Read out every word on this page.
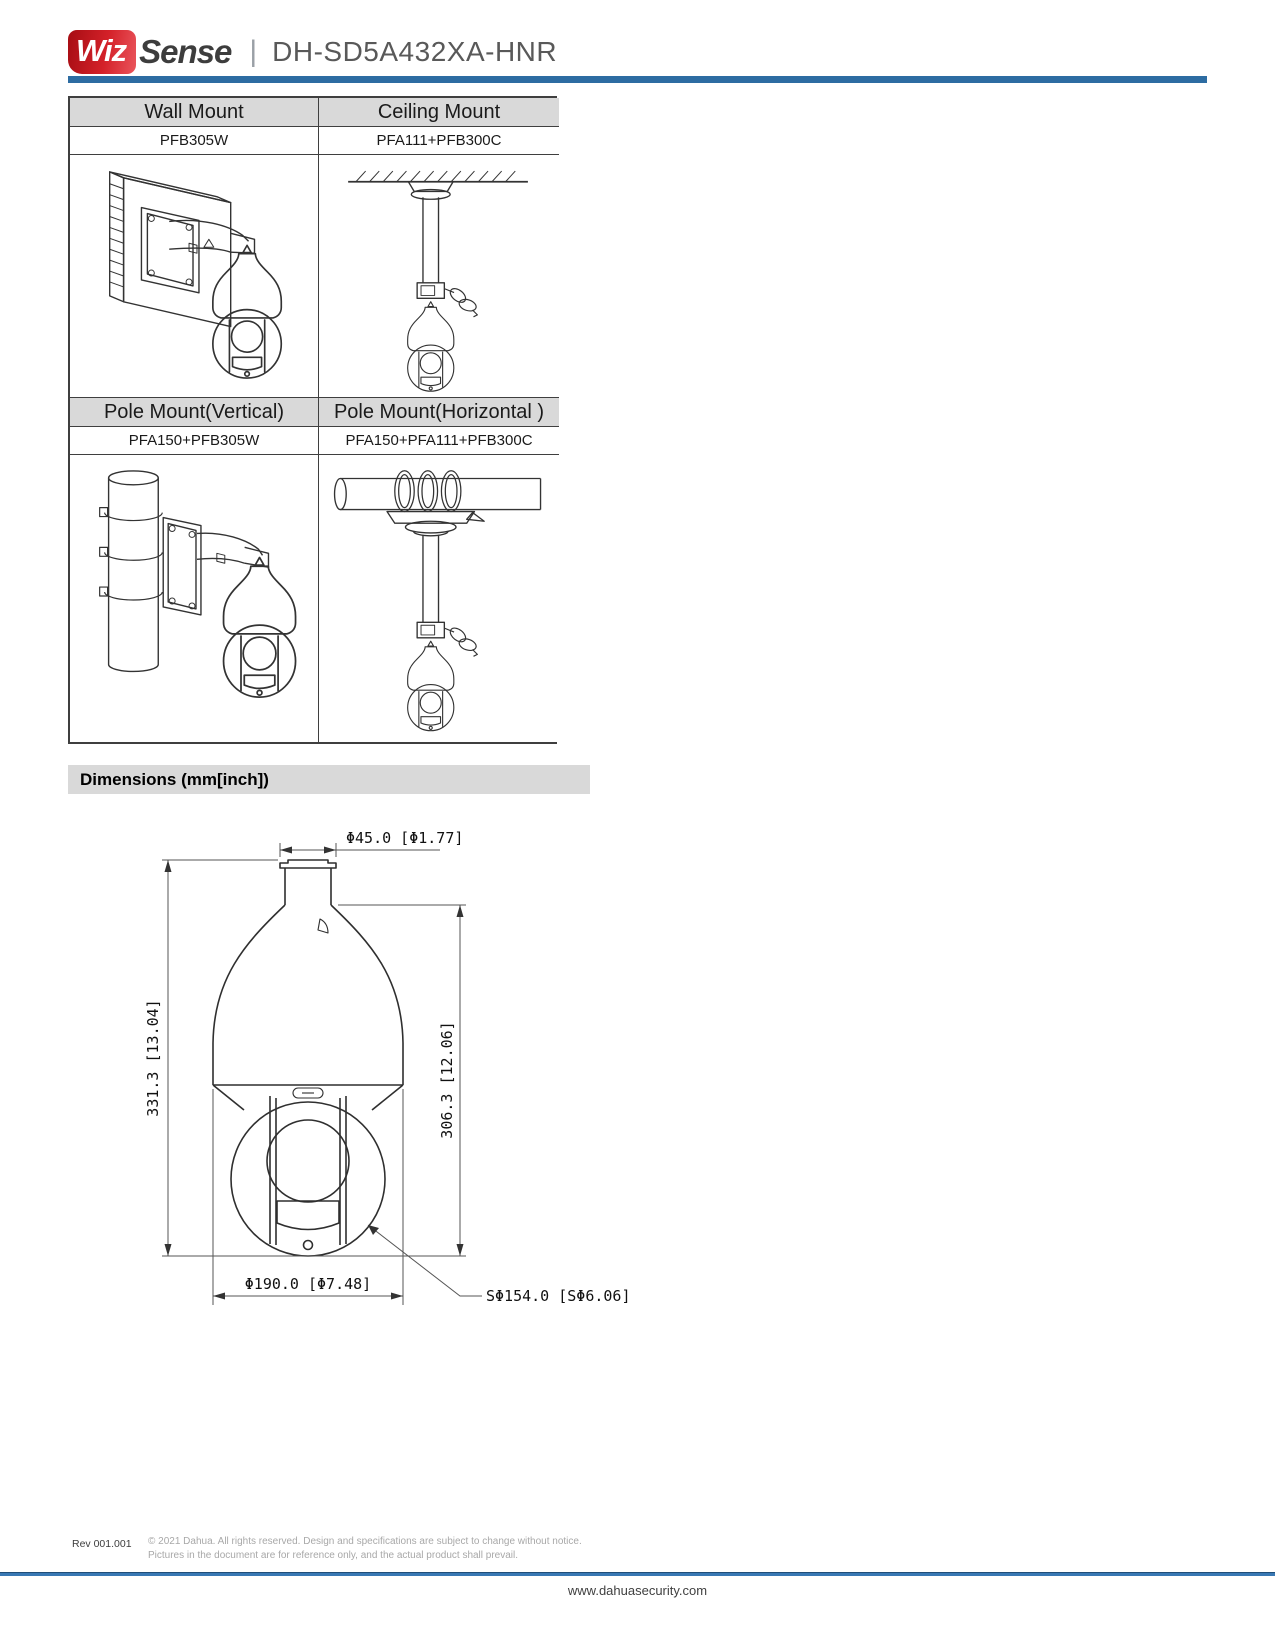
Wiz Sense | DH-SD5A432XA-HNR
Wall Mount	Ceiling Mount
PFB305W	PFA111+PFB300C
Pole Mount(Vertical)	Pole Mount(Horizontal )
PFA150+PFB305W	PFA150+PFA111+PFB300C
Dimensions (mm[inch])
Φ45.0 [Φ1.77]
331.3 [13.04]	306.3 [12.06]
Φ190.0 [Φ7.48]
SΦ154.0 [SΦ6.06]
Rev 001.001 © 2021 Dahua. All rights reserved. Design and specifications are subject to change without notice.
Pictures in the document are for reference only, and the actual product shall prevail.
www.dahuasecurity.com
